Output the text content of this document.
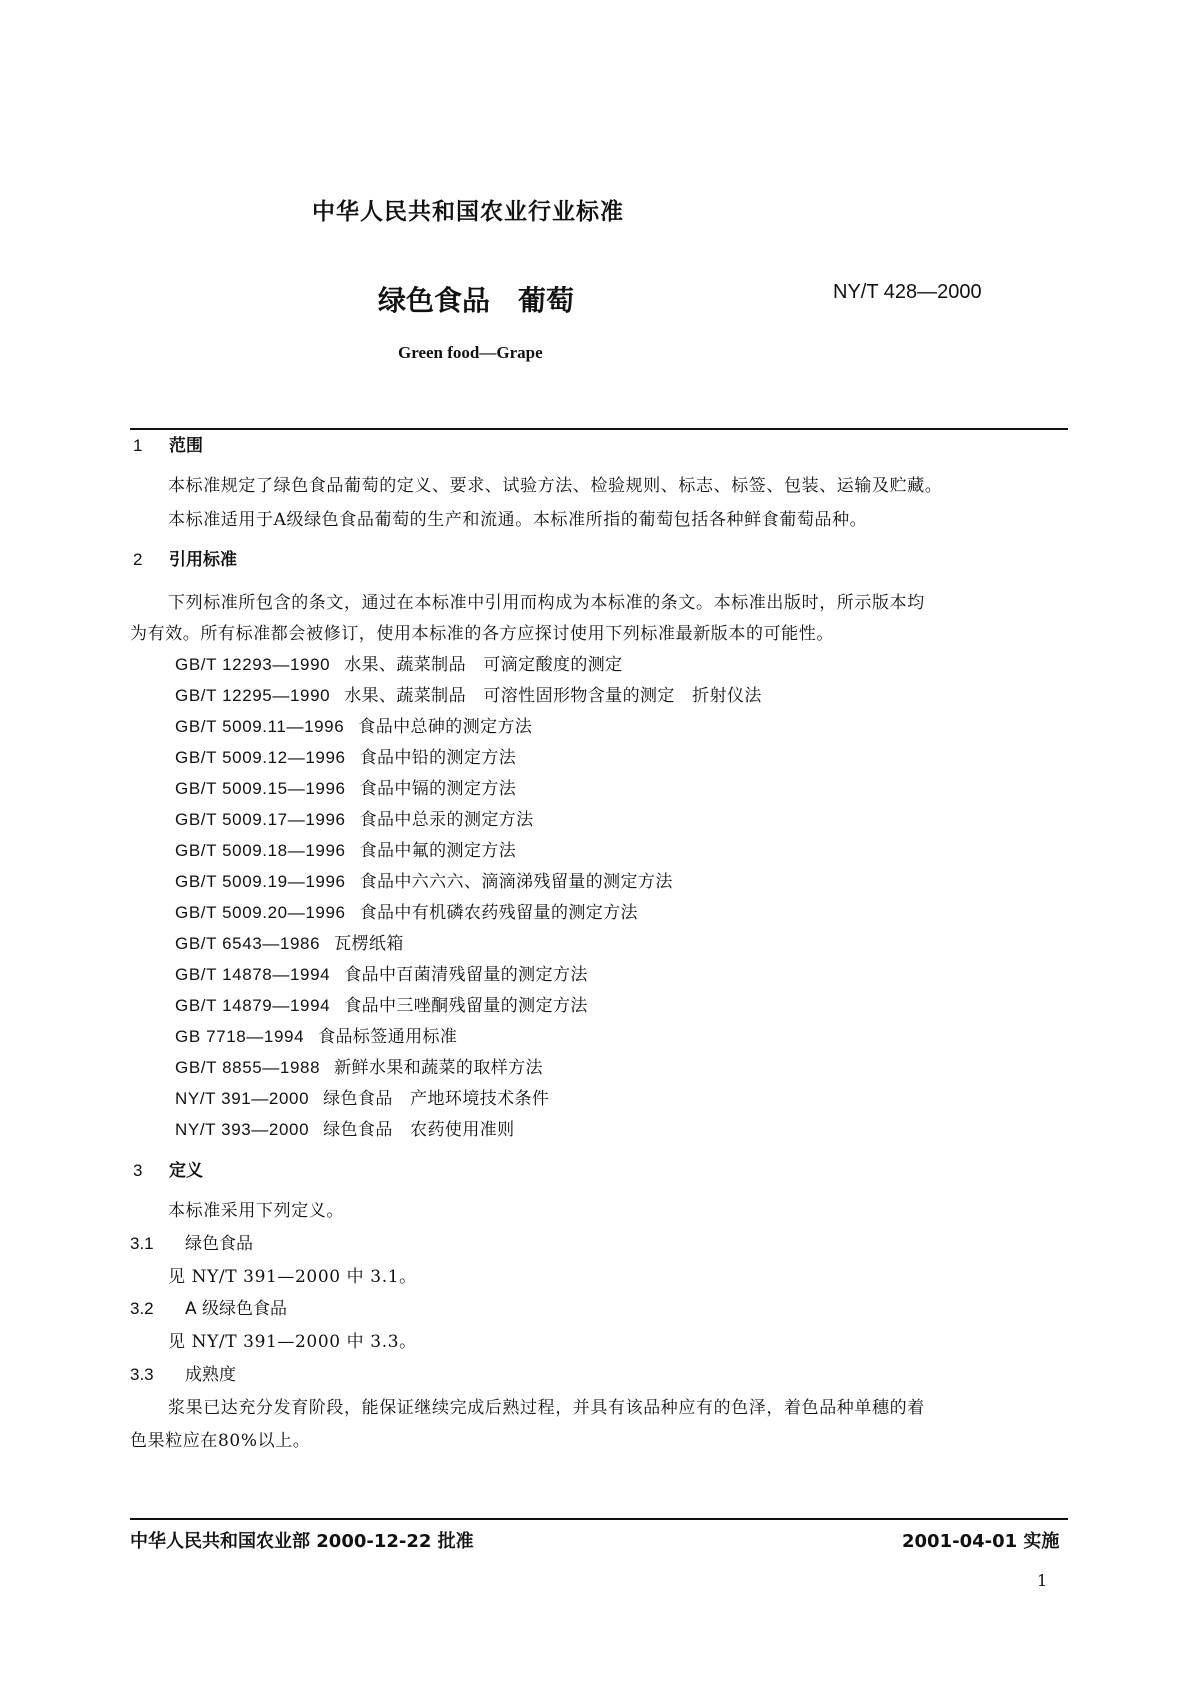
中华人民共和国农业行业标准
绿色食品　葡萄	NY/T 428—2000
Green food—Grape
1 范围
本标准规定了绿色食品葡萄的定义、要求、试验方法、检验规则、标志、标签、包装、运输及贮藏。
本标准适用于A级绿色食品葡萄的生产和流通。本标准所指的葡萄包括各种鲜食葡萄品种。
2 引用标准
下列标准所包含的条文，通过在本标准中引用而构成为本标准的条文。本标准出版时，所示版本均
为有效。所有标准都会被修订，使用本标准的各方应探讨使用下列标准最新版本的可能性。
GB/T 12293—1990 水果、蔬菜制品　可滴定酸度的测定
GB/T 12295—1990 水果、蔬菜制品　可溶性固形物含量的测定　折射仪法
GB/T 5009.11—1996 食品中总砷的测定方法
GB/T 5009.12—1996 食品中铅的测定方法
GB/T 5009.15—1996 食品中镉的测定方法
GB/T 5009.17—1996 食品中总汞的测定方法
GB/T 5009.18—1996 食品中氟的测定方法
GB/T 5009.19—1996 食品中六六六、滴滴涕残留量的测定方法
GB/T 5009.20—1996 食品中有机磷农药残留量的测定方法
GB/T 6543—1986 瓦楞纸箱
GB/T 14878—1994 食品中百菌清残留量的测定方法
GB/T 14879—1994 食品中三唑酮残留量的测定方法
GB 7718—1994 食品标签通用标准
GB/T 8855—1988 新鲜水果和蔬菜的取样方法
NY/T 391—2000 绿色食品　产地环境技术条件
NY/T 393—2000 绿色食品　农药使用准则
3 定义
本标准采用下列定义。
3.1 绿色食品
见 NY/T 391—2000 中 3.1。
3.2 A 级绿色食品
见 NY/T 391—2000 中 3.3。
3.3 成熟度
浆果已达充分发育阶段，能保证继续完成后熟过程，并具有该品种应有的色泽，着色品种单穗的着
色果粒应在80%以上。
中华人民共和国农业部 2000-12-22 批准	2001-04-01 实施
1
